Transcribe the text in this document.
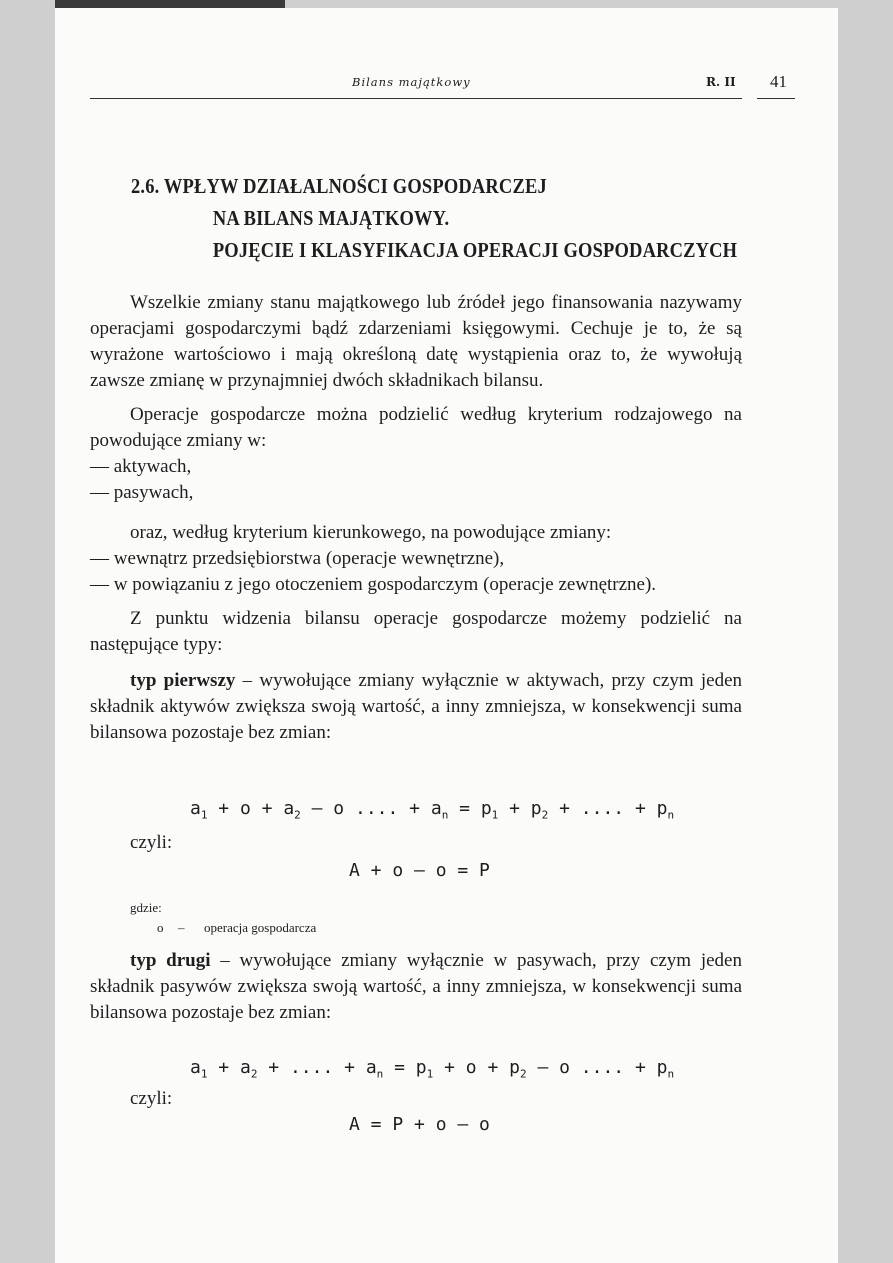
Bilans majątkowy	R. II 41
2.6. WPŁYW DZIAŁALNOŚCI GOSPODARCZEJ
NA BILANS MAJĄTKOWY.
POJĘCIE I KLASYFIKACJA OPERACJI GOSPODARCZYCH

Wszelkie zmiany stanu majątkowego lub źródeł jego finansowania nazywamy operacjami gospodarczymi bądź zdarzeniami księgowymi. Cechuje je to, że są wyrażone wartościowo i mają określoną datę wystąpienia oraz to, że wywołują zawsze zmianę w przynajmniej dwóch składnikach bilansu.

Operacje gospodarcze można podzielić według kryterium rodzajowego na powodujące zmiany w:

— aktywach,

— pasywach,

oraz, według kryterium kierunkowego, na powodujące zmiany:

— wewnątrz przedsiębiorstwa (operacje wewnętrzne),

— w powiązaniu z jego otoczeniem gospodarczym (operacje zewnętrzne).

Z punktu widzenia bilansu operacje gospodarcze możemy podzielić na następujące typy:

typ pierwszy – wywołujące zmiany wyłącznie w aktywach, przy czym jeden składnik aktywów zwiększa swoją wartość, a inny zmniejsza, w konsekwencji suma bilansowa pozostaje bez zmian:

$a_1 + o + a_2 - o$ .... + $a_n = p_1 + p_2$ + .... + $p_n$
czyli:
A + o – o = P
gdzie:
o – operacja gospodarcza

typ drugi – wywołujące zmiany wyłącznie w pasywach, przy czym jeden składnik pasywów zwiększa swoją wartość, a inny zmniejsza, w konsekwencji suma bilansowa pozostaje bez zmian:

$a_1 + a_2$ + .... + $a_n = p_1 + o + p_2 - o$ .... + $p_n$
czyli:
A = P + o – o
